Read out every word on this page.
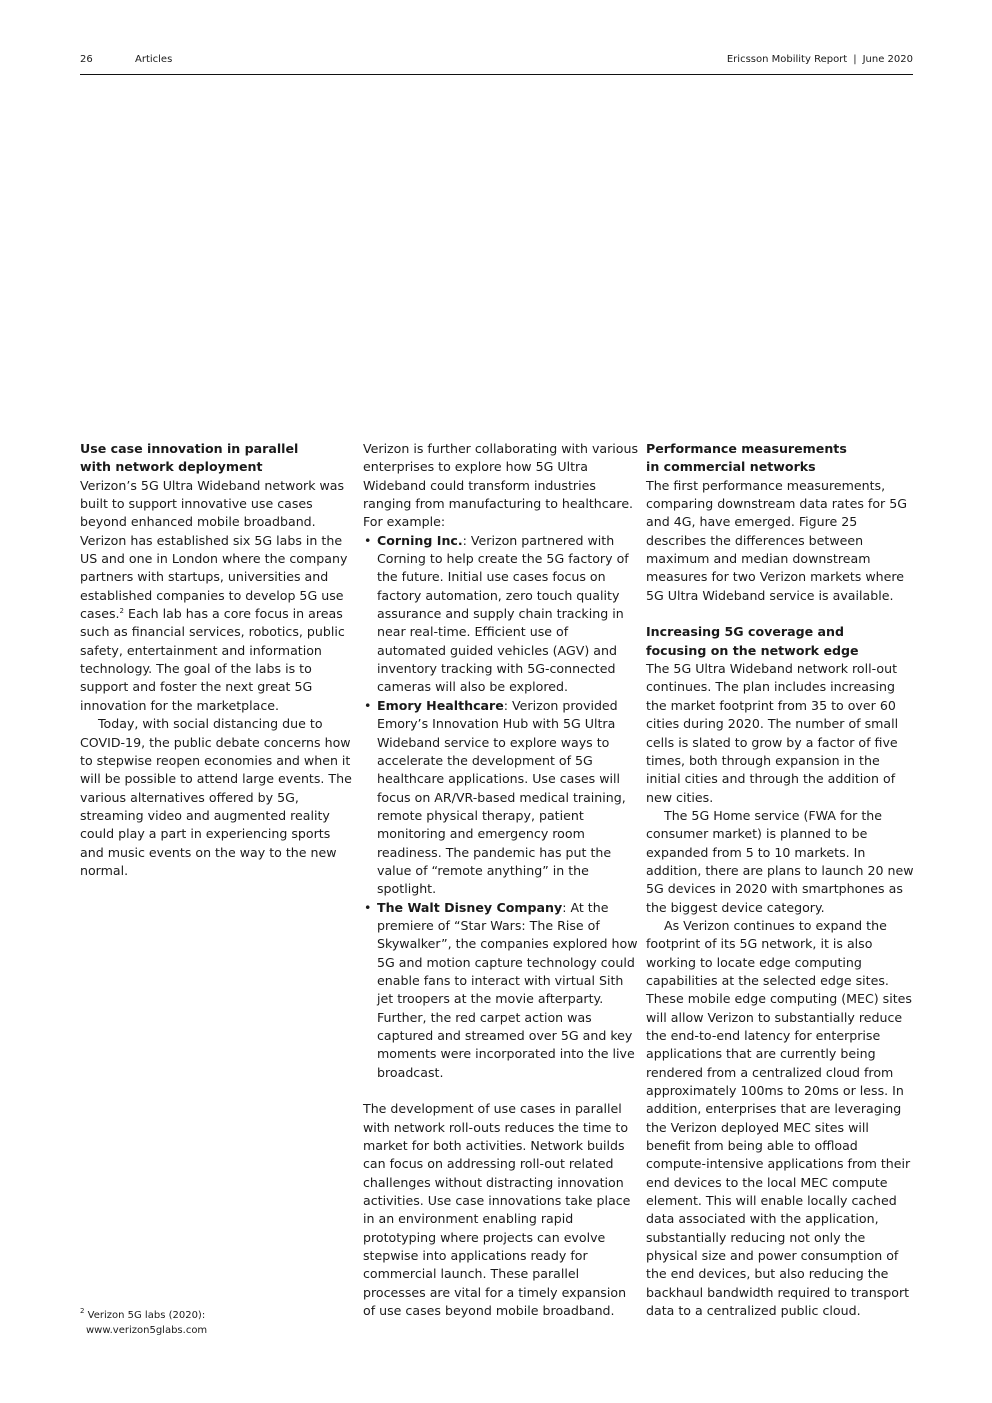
26	Articles	Ericsson Mobility Report | June 2020

Use case innovation in parallel
with network deployment

Verizon’s 5G Ultra Wideband network was built to support innovative use cases beyond enhanced mobile broadband. Verizon has established six 5G labs in the US and one in London where the company partners with startups, universities and established companies to develop 5G use cases.$^2$ Each lab has a core focus in areas such as financial services, robotics, public safety, entertainment and information technology. The goal of the labs is to support and foster the next great 5G innovation for the marketplace.

Today, with social distancing due to COVID-19, the public debate concerns how to stepwise reopen economies and when it will be possible to attend large events. The various alternatives offered by 5G, streaming video and augmented reality could play a part in experiencing sports and music events on the way to the new normal.

Verizon is further collaborating with various enterprises to explore how 5G Ultra Wideband could transform industries ranging from manufacturing to healthcare. For example:

• Corning Inc.: Verizon partnered with Corning to help create the 5G factory of the future. Initial use cases focus on factory automation, zero touch quality assurance and supply chain tracking in near real-time. Efficient use of automated guided vehicles (AGV) and inventory tracking with 5G-connected cameras will also be explored.
• Emory Healthcare: Verizon provided Emory’s Innovation Hub with 5G Ultra Wideband service to explore ways to accelerate the development of 5G healthcare applications. Use cases will focus on AR/VR-based medical training, remote physical therapy, patient monitoring and emergency room readiness. The pandemic has put the value of “remote anything” in the spotlight.
• The Walt Disney Company: At the premiere of “Star Wars: The Rise of Skywalker”, the companies explored how 5G and motion capture technology could enable fans to interact with virtual Sith jet troopers at the movie afterparty. Further, the red carpet action was captured and streamed over 5G and key moments were incorporated into the live broadcast.

The development of use cases in parallel with network roll-outs reduces the time to market for both activities. Network builds can focus on addressing roll-out related challenges without distracting innovation activities. Use case innovations take place in an environment enabling rapid prototyping where projects can evolve stepwise into applications ready for commercial launch. These parallel processes are vital for a timely expansion of use cases beyond mobile broadband.

Performance measurements
in commercial networks

The first performance measurements, comparing downstream data rates for 5G and 4G, have emerged. Figure 25 describes the differences between maximum and median downstream measures for two Verizon markets where 5G Ultra Wideband service is available.

Increasing 5G coverage and
focusing on the network edge

The 5G Ultra Wideband network roll-out continues. The plan includes increasing the market footprint from 35 to over 60 cities during 2020. The number of small cells is slated to grow by a factor of five times, both through expansion in the initial cities and through the addition of new cities.

The 5G Home service (FWA for the consumer market) is planned to be expanded from 5 to 10 markets. In addition, there are plans to launch 20 new 5G devices in 2020 with smartphones as the biggest device category.

As Verizon continues to expand the footprint of its 5G network, it is also working to locate edge computing capabilities at the selected edge sites. These mobile edge computing (MEC) sites will allow Verizon to substantially reduce the end-to-end latency for enterprise applications that are currently being rendered from a centralized cloud from approximately 100ms to 20ms or less. In addition, enterprises that are leveraging the Verizon deployed MEC sites will benefit from being able to offload compute-intensive applications from their end devices to the local MEC compute element. This will enable locally cached data associated with the application, substantially reducing not only the physical size and power consumption of the end devices, but also reducing the backhaul bandwidth required to transport data to a centralized public cloud.

$^2$ Verizon 5G labs (2020):
www.verizon5glabs.com
